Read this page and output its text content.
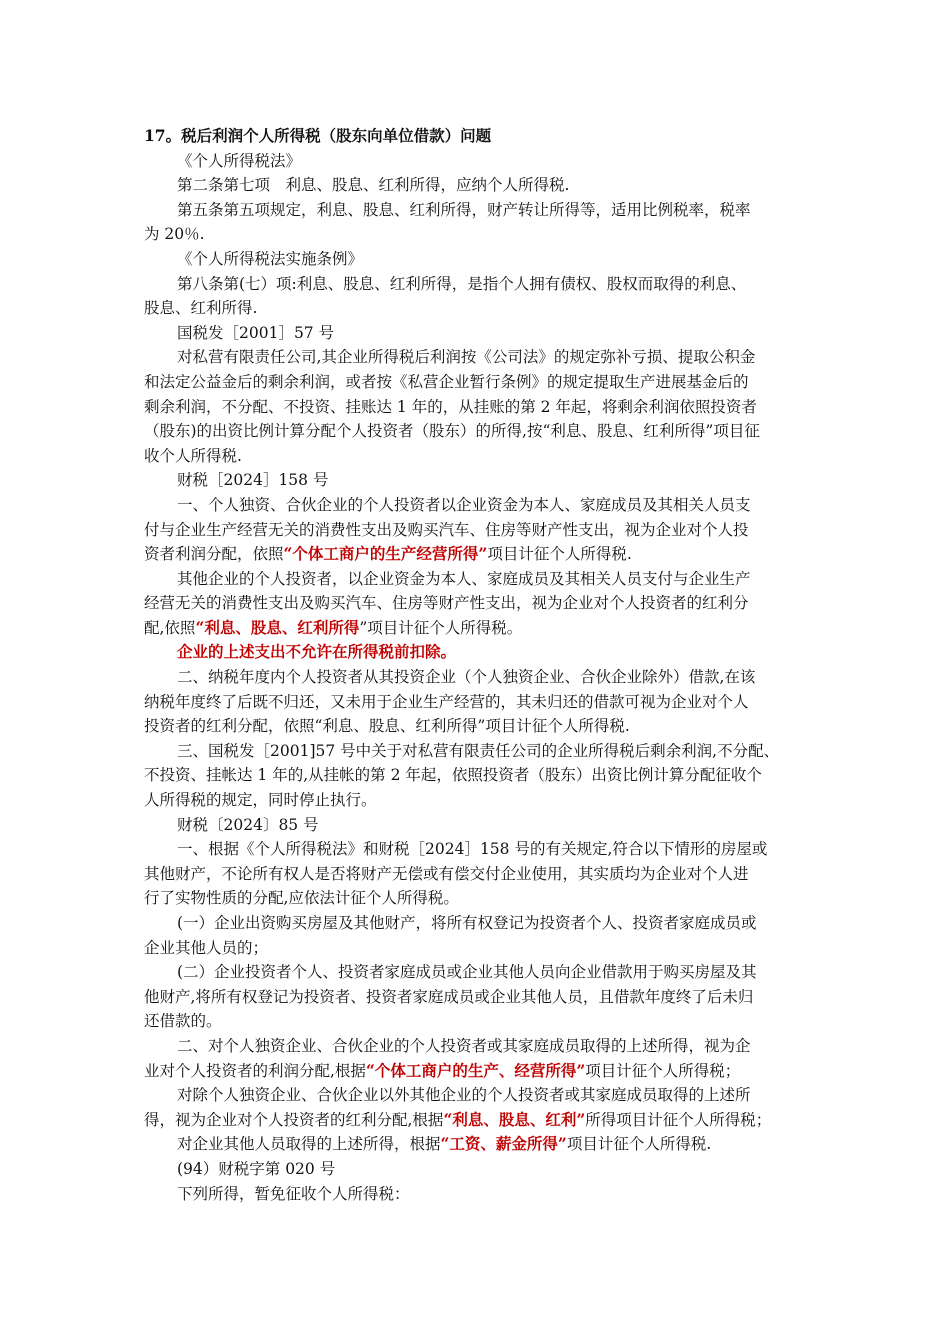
17。税后利润个人所得税（股东向单位借款）问题

《个人所得税法》

第二条第七项　利息、股息、红利所得，应纳个人所得税.

第五条第五项规定，利息、股息、红利所得，财产转让所得等，适用比例税率，税率

为 20％.

《个人所得税法实施条例》

第八条第(七）项:利息、股息、红利所得，是指个人拥有债权、股权而取得的利息、

股息、红利所得.

国税发［2001］57 号

对私营有限责任公司,其企业所得税后利润按《公司法》的规定弥补亏损、提取公积金

和法定公益金后的剩余利润，或者按《私营企业暂行条例》的规定提取生产进展基金后的

剩余利润，不分配、不投资、挂账达 1 年的，从挂账的第 2 年起，将剩余利润依照投资者

（股东)的出资比例计算分配个人投资者（股东）的所得,按“利息、股息、红利所得”项目征

收个人所得税.

财税［2024］158 号

一、个人独资、合伙企业的个人投资者以企业资金为本人、家庭成员及其相关人员支

付与企业生产经营无关的消费性支出及购买汽车、住房等财产性支出，视为企业对个人投

资者利润分配，依照“个体工商户的生产经营所得”项目计征个人所得税.

其他企业的个人投资者，以企业资金为本人、家庭成员及其相关人员支付与企业生产

经营无关的消费性支出及购买汽车、住房等财产性支出，视为企业对个人投资者的红利分

配,依照“利息、股息、红利所得”项目计征个人所得税。

企业的上述支出不允许在所得税前扣除。

二、纳税年度内个人投资者从其投资企业（个人独资企业、合伙企业除外）借款,在该

纳税年度终了后既不归还，又未用于企业生产经营的，其未归还的借款可视为企业对个人

投资者的红利分配，依照“利息、股息、红利所得”项目计征个人所得税.

三、国税发［2001]57 号中关于对私营有限责任公司的企业所得税后剩余利润,不分配、

不投资、挂帐达 1 年的,从挂帐的第 2 年起，依照投资者（股东）出资比例计算分配征收个

人所得税的规定，同时停止执行。

财税〔2024〕85 号

一、根据《个人所得税法》和财税［2024］158 号的有关规定,符合以下情形的房屋或

其他财产，不论所有权人是否将财产无偿或有偿交付企业使用，其实质均为企业对个人进

行了实物性质的分配,应依法计征个人所得税。

(一）企业出资购买房屋及其他财产，将所有权登记为投资者个人、投资者家庭成员或

企业其他人员的；

(二）企业投资者个人、投资者家庭成员或企业其他人员向企业借款用于购买房屋及其

他财产,将所有权登记为投资者、投资者家庭成员或企业其他人员，且借款年度终了后未归

还借款的。

二、对个人独资企业、合伙企业的个人投资者或其家庭成员取得的上述所得，视为企

业对个人投资者的利润分配,根据“个体工商户的生产、经营所得”项目计征个人所得税；

对除个人独资企业、合伙企业以外其他企业的个人投资者或其家庭成员取得的上述所

得，视为企业对个人投资者的红利分配,根据“利息、股息、红利”所得项目计征个人所得税；

对企业其他人员取得的上述所得，根据“工资、薪金所得”项目计征个人所得税.

(94）财税字第 020 号

下列所得，暂免征收个人所得税：
